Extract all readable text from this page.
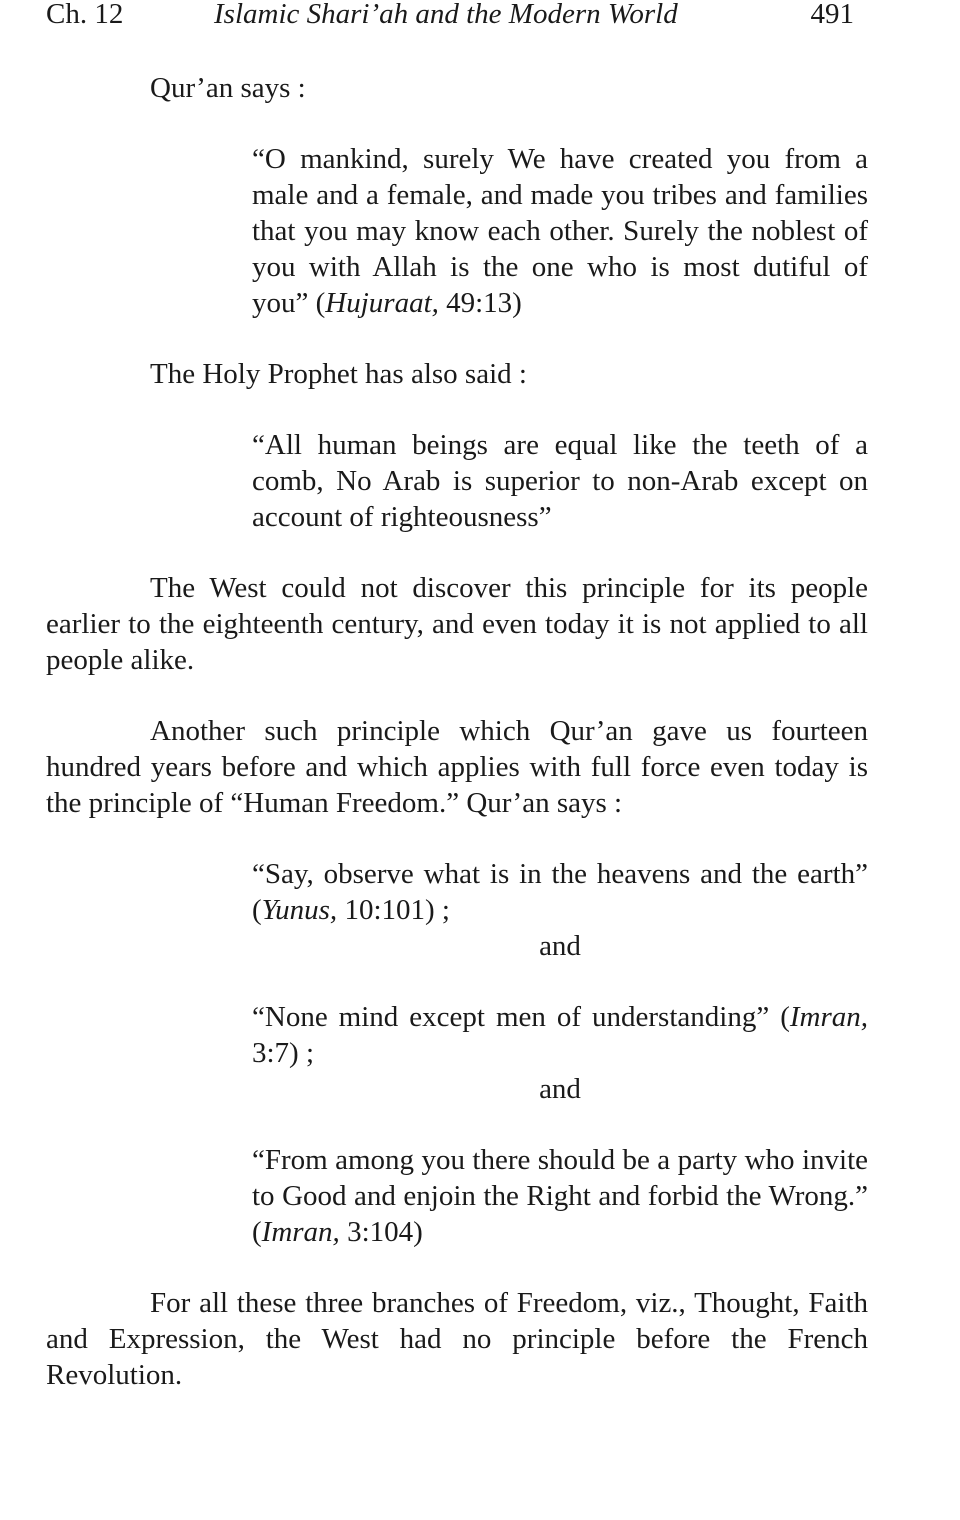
Ch. 12	Islamic Shari’ah and the Modern World	491

Qur’an says :

“O mankind, surely We have created you from a male and a female, and made you tribes and families that you may know each other. Surely the noblest of you with Allah is the one who is most dutiful of you” (Hujuraat, 49:13)

The Holy Prophet has also said :

“All human beings are equal like the teeth of a comb, No Arab is superior to non-Arab except on account of righteousness”

The West could not discover this principle for its people earlier to the eighteenth century, and even today it is not applied to all people alike.

Another such principle which Qur’an gave us fourteen hundred years before and which applies with full force even today is the principle of “Human Freedom.” Qur’an says :

“Say, observe what is in the heavens and the earth” (Yunus, 10:101) ;

and

“None mind except men of understanding” (Imran, 3:7) ;

and

“From among you there should be a party who invite to Good and enjoin the Right and forbid the Wrong.” (Imran, 3:104)

For all these three branches of Freedom, viz., Thought, Faith and Expression, the West had no principle before the French Revolution.
